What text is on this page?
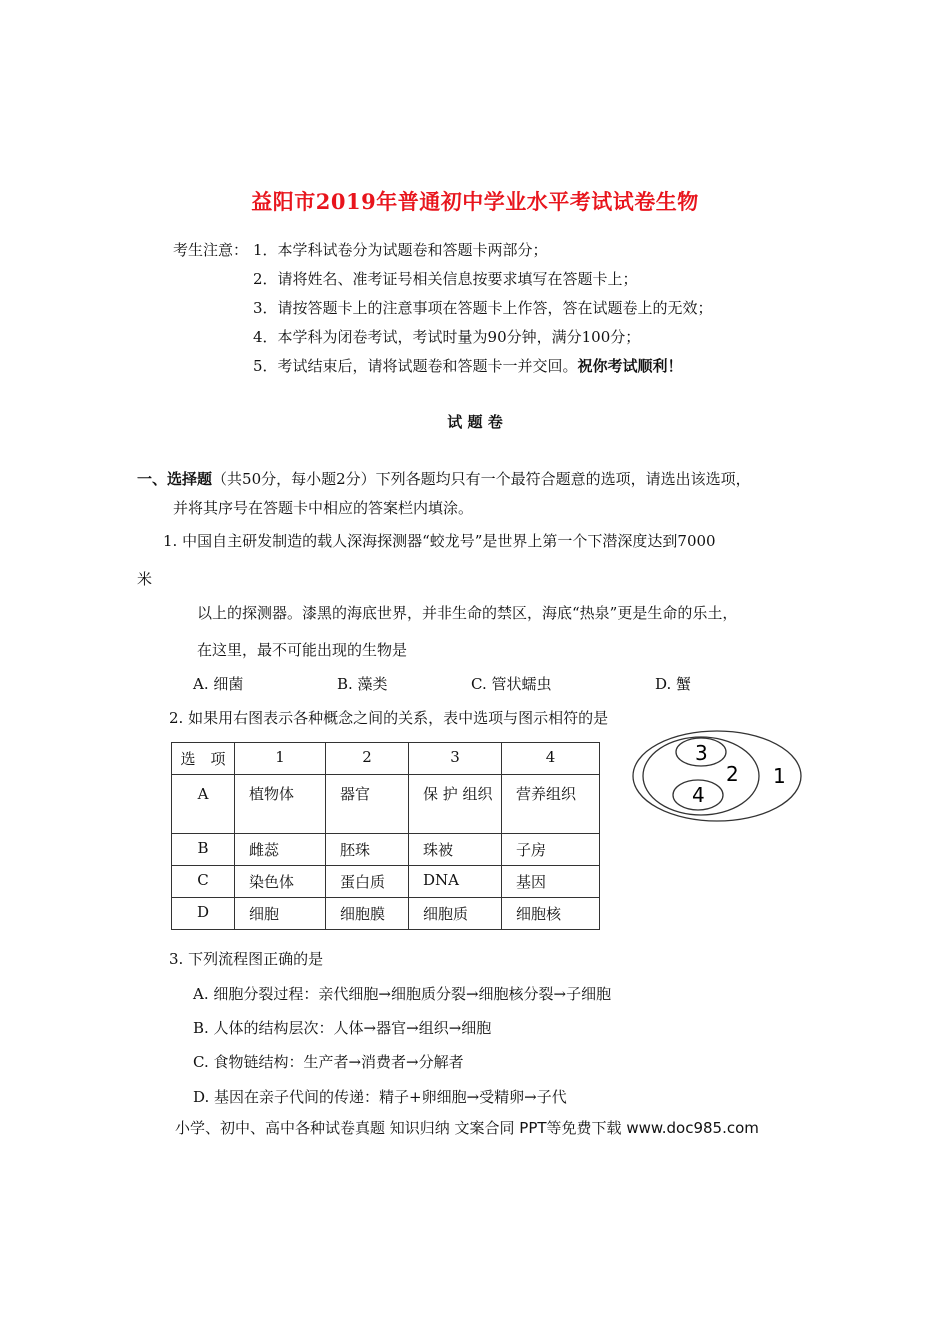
益阳市2019年普通初中学业水平考试试卷生物
考生注意： 1．本学科试卷分为试题卷和答题卡两部分；
2．请将姓名、准考证号相关信息按要求填写在答题卡上；
3．请按答题卡上的注意事项在答题卡上作答，答在试题卷上的无效；
4．本学科为闭卷考试，考试时量为90分钟，满分100分；
5．考试结束后，请将试题卷和答题卡一并交回。祝你考试顺利！
试 题 卷
一、选择题（共50分，每小题2分）下列各题均只有一个最符合题意的选项，请选出该选项，
并将其序号在答题卡中相应的答案栏内填涂。
1. 中国自主研发制造的载人深海探测器“蛟龙号”是世界上第一个下潜深度达到7000
米
以上的探测器。漆黑的海底世界，并非生命的禁区，海底“热泉”更是生命的乐土，
在这里，最不可能出现的生物是
A. 细菌	B. 藻类	C. 管状蠕虫	D. 蟹
2. 如果用右图表示各种概念之间的关系，表中选项与图示相符的是
选　项	1	2	3	4
A	植物体	器官	保 护 组织	营养组织
B	雌蕊	胚珠	珠被	子房
C	染色体	蛋白质	DNA	基因
D	细胞	细胞膜	细胞质	细胞核
1
2
3
4
3. 下列流程图正确的是
A. 细胞分裂过程：亲代细胞→细胞质分裂→细胞核分裂→子细胞
B. 人体的结构层次：人体→器官→组织→细胞
C. 食物链结构：生产者→消费者→分解者
D. 基因在亲子代间的传递：精子+卵细胞→受精卵→子代
小学、初中、高中各种试卷真题 知识归纳 文案合同 PPT等免费下载 www.doc985.com
